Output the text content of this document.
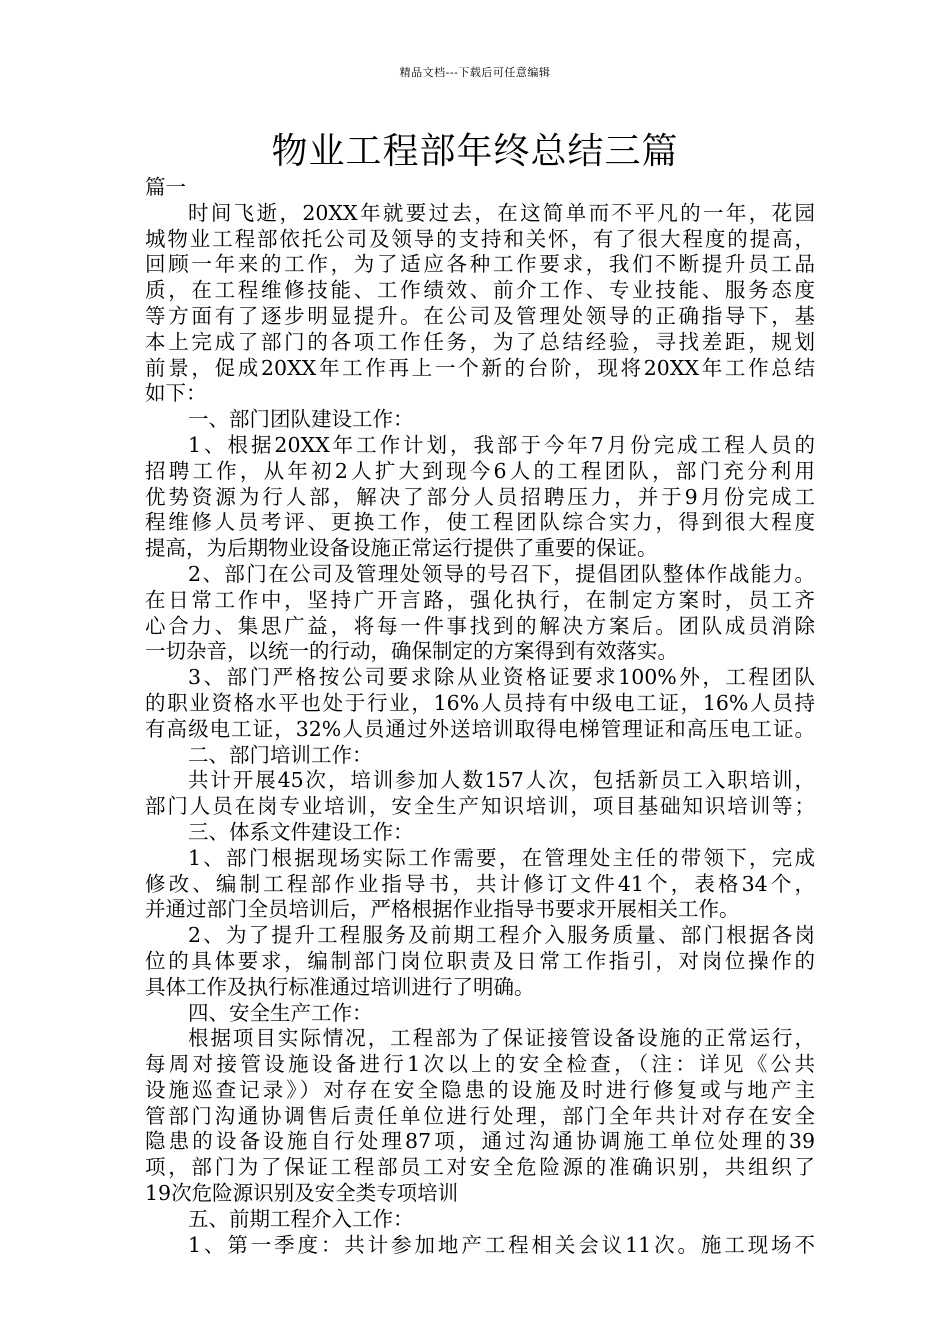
精品文档---下载后可任意编辑
物业工程部年终总结三篇
篇一
时间飞逝，20XX年就要过去，在这简单而不平凡的一年，花园
城物业工程部依托公司及领导的支持和关怀，有了很大程度的提高，
回顾一年来的工作，为了适应各种工作要求，我们不断提升员工品
质，在工程维修技能、工作绩效、前介工作、专业技能、服务态度
等方面有了逐步明显提升。在公司及管理处领导的正确指导下，基
本上完成了部门的各项工作任务，为了总结经验，寻找差距，规划
前景，促成20XX年工作再上一个新的台阶，现将20XX年工作总结
如下：
一、部门团队建设工作：
1、根据20XX年工作计划，我部于今年7月份完成工程人员的
招聘工作，从年初2人扩大到现今6人的工程团队，部门充分利用
优势资源为行人部，解决了部分人员招聘压力，并于9月份完成工
程维修人员考评、更换工作，使工程团队综合实力，得到很大程度
提高，为后期物业设备设施正常运行提供了重要的保证。
2、部门在公司及管理处领导的号召下，提倡团队整体作战能力。
在日常工作中，坚持广开言路，强化执行，在制定方案时，员工齐
心合力、集思广益，将每一件事找到的解决方案后。团队成员消除
一切杂音，以统一的行动，确保制定的方案得到有效落实。
3、部门严格按公司要求除从业资格证要求100%外，工程团队
的职业资格水平也处于行业，16%人员持有中级电工证，16%人员持
有高级电工证，32%人员通过外送培训取得电梯管理证和高压电工证。
二、部门培训工作：
共计开展45次，培训参加人数157人次，包括新员工入职培训，
部门人员在岗专业培训，安全生产知识培训，项目基础知识培训等；
三、体系文件建设工作：
1、部门根据现场实际工作需要，在管理处主任的带领下，完成
修改、编制工程部作业指导书，共计修订文件41个，表格34个，
并通过部门全员培训后，严格根据作业指导书要求开展相关工作。
2、为了提升工程服务及前期工程介入服务质量、部门根据各岗
位的具体要求，编制部门岗位职责及日常工作指引，对岗位操作的
具体工作及执行标准通过培训进行了明确。
四、安全生产工作：
根据项目实际情况，工程部为了保证接管设备设施的正常运行，
每周对接管设施设备进行1次以上的安全检查，（注：详见《公共
设施巡查记录》）对存在安全隐患的设施及时进行修复或与地产主
管部门沟通协调售后责任单位进行处理，部门全年共计对存在安全
隐患的设备设施自行处理87项，通过沟通协调施工单位处理的39
项，部门为了保证工程部员工对安全危险源的准确识别，共组织了
19次危险源识别及安全类专项培训
五、前期工程介入工作：
1、第一季度：共计参加地产工程相关会议11次。施工现场不
